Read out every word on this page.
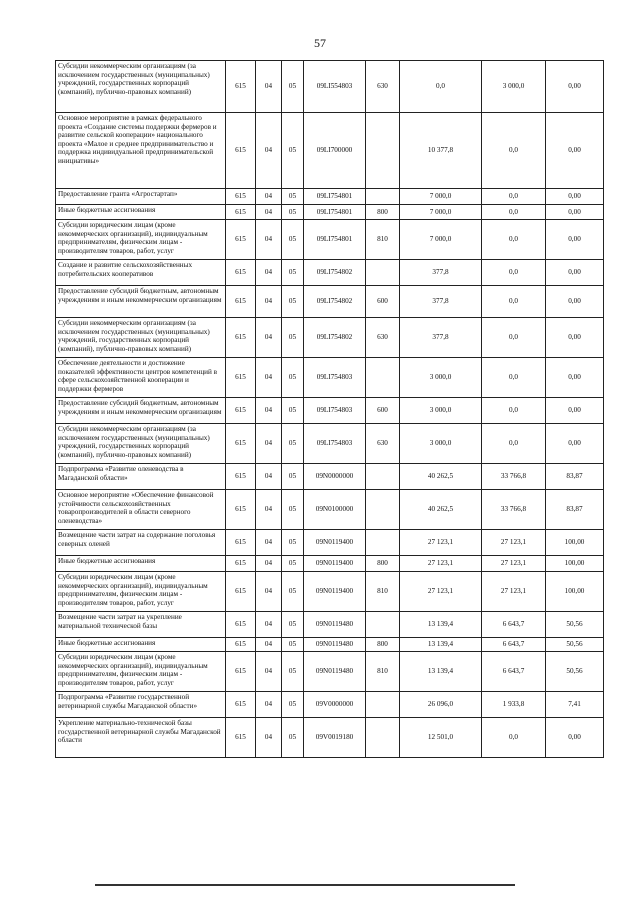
57
Субсидии некоммерческим организациям (за исключением государственных (муниципальных) учреждений, государственных корпораций (компаний), публично-правовых компаний)	615	04	05	09LI554803	630	0,0	3 000,0	0,00
Основное мероприятие в рамках федерального проекта «Создание системы поддержки фермеров и развитие сельской кооперации» национального проекта «Малое и среднее предпринимательство и поддержка индивидуальной предпринимательской инициативы»	615	04	05	09LI700000		10 377,8	0,0	0,00
Предоставление гранта «Агростартап»	615	04	05	09LI754801		7 000,0	0,0	0,00
Иные бюджетные ассигнования	615	04	05	09LI754801	800	7 000,0	0,0	0,00
Субсидии юридическим лицам (кроме некоммерческих организаций), индивидуальным предпринимателям, физическим лицам - производителям товаров, работ, услуг	615	04	05	09LI754801	810	7 000,0	0,0	0,00
Создание и развитие сельскохозяйственных потребительских кооперативов	615	04	05	09LI754802		377,8	0,0	0,00
Предоставление субсидий бюджетным, автономным учреждениям и иным некоммерческим организациям	615	04	05	09LI754802	600	377,8	0,0	0,00
Субсидии некоммерческим организациям (за исключением государственных (муниципальных) учреждений, государственных корпораций (компаний), публично-правовых компаний)	615	04	05	09LI754802	630	377,8	0,0	0,00
Обеспечение деятельности и достижение показателей эффективности центров компетенций в сфере сельскохозяйственной кооперации и поддержки фермеров	615	04	05	09LI754803		3 000,0	0,0	0,00
Предоставление субсидий бюджетным, автономным учреждениям и иным некоммерческим организациям	615	04	05	09LI754803	600	3 000,0	0,0	0,00
Субсидии некоммерческим организациям (за исключением государственных (муниципальных) учреждений, государственных корпораций (компаний), публично-правовых компаний)	615	04	05	09LI754803	630	3 000,0	0,0	0,00
Подпрограмма «Развитие оленеводства в Магаданской области»	615	04	05	09N0000000		40 262,5	33 766,8	83,87
Основное мероприятие «Обеспечение финансовой устойчивости сельскохозяйственных товаропроизводителей в области северного оленеводства»	615	04	05	09N0100000		40 262,5	33 766,8	83,87
Возмещение части затрат на содержание поголовья северных оленей	615	04	05	09N0119400		27 123,1	27 123,1	100,00
Иные бюджетные ассигнования	615	04	05	09N0119400	800	27 123,1	27 123,1	100,00
Субсидии юридическим лицам (кроме некоммерческих организаций), индивидуальным предпринимателям, физическим лицам - производителям товаров, работ, услуг	615	04	05	09N0119400	810	27 123,1	27 123,1	100,00
Возмещение части затрат на укрепление материальной технической базы	615	04	05	09N0119480		13 139,4	6 643,7	50,56
Иные бюджетные ассигнования	615	04	05	09N0119480	800	13 139,4	6 643,7	50,56
Субсидии юридическим лицам (кроме некоммерческих организаций), индивидуальным предпринимателям, физическим лицам - производителям товаров, работ, услуг	615	04	05	09N0119480	810	13 139,4	6 643,7	50,56
Подпрограмма «Развитие государственной ветеринарной службы Магаданской области»	615	04	05	09V0000000		26 096,0	1 933,8	7,41
Укрепление материально-технической базы государственной ветеринарной службы Магаданской области	615	04	05	09V0019180		12 501,0	0,0	0,00
